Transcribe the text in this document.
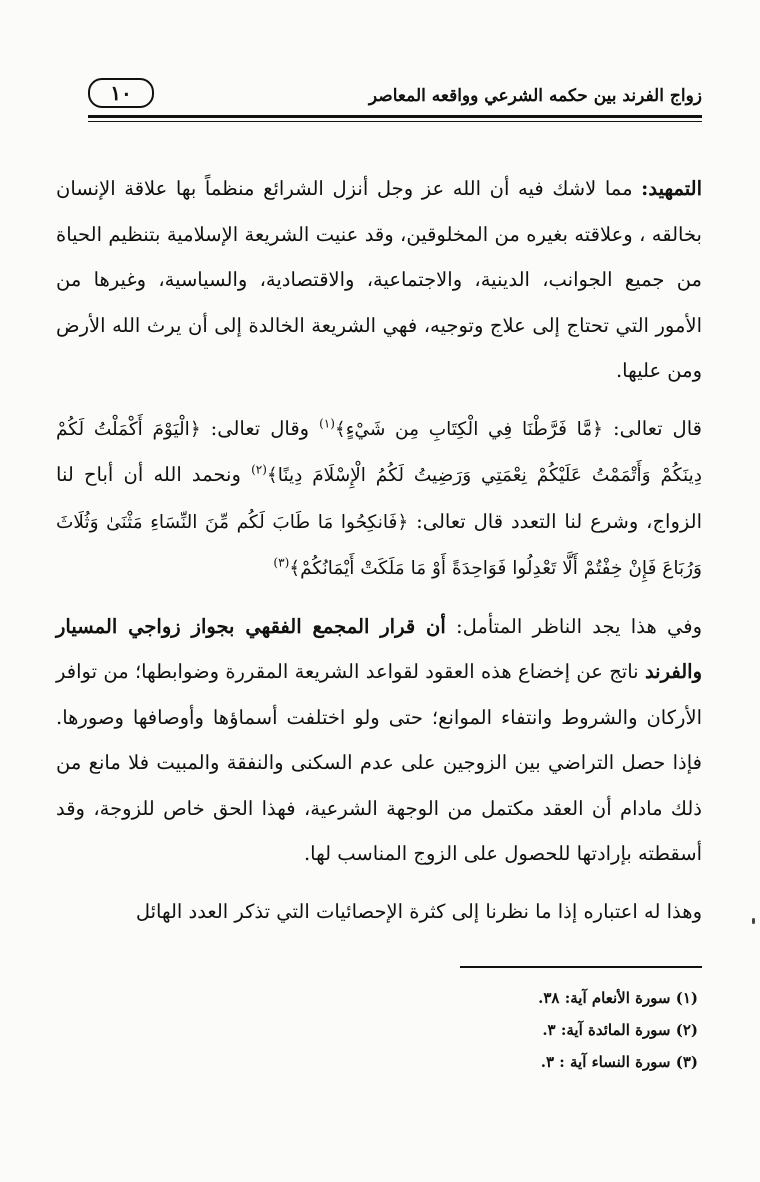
زواج الفرند بين حكمه الشرعي وواقعه المعاصر
١٠

التمهيد: مما لاشك فيه أن الله عز وجل أنزل الشرائع منظماً بها علاقة الإنسان بخالقه ، وعلاقته بغيره من المخلوقين، وقد عنيت الشريعة الإسلامية بتنظيم الحياة من جميع الجوانب، الدينية، والاجتماعية، والاقتصادية، والسياسية، وغيرها من الأمور التي تحتاج إلى علاج وتوجيه، فهي الشريعة الخالدة إلى أن يرث الله الأرض ومن عليها.

قال تعالى: ﴿مَّا فَرَّطْنَا فِي الْكِتَابِ مِن شَيْءٍ﴾$^{(١)}$ وقال تعالى: ﴿الْيَوْمَ أَكْمَلْتُ لَكُمْ دِينَكُمْ وَأَتْمَمْتُ عَلَيْكُمْ نِعْمَتِي وَرَضِيتُ لَكُمُ الْإِسْلَامَ دِينًا﴾$^{(٢)}$ ونحمد الله أن أباح لنا الزواج، وشرع لنا التعدد قال تعالى: ﴿فَانكِحُوا مَا طَابَ لَكُم مِّنَ النِّسَاءِ مَثْنَىٰ وَثُلَاثَ وَرُبَاعَ فَإِنْ خِفْتُمْ أَلَّا تَعْدِلُوا فَوَاحِدَةً أَوْ مَا مَلَكَتْ أَيْمَانُكُمْ﴾$^{(٣)}$

وفي هذا يجد الناظر المتأمل: أن قرار المجمع الفقهي بجواز زواجي المسيار والفرند ناتج عن إخضاع هذه العقود لقواعد الشريعة المقررة وضوابطها؛ من توافر الأركان والشروط وانتفاء الموانع؛ حتى ولو اختلفت أسماؤها وأوصافها وصورها. فإذا حصل التراضي بين الزوجين على عدم السكنى والنفقة والمبيت فلا مانع من ذلك مادام أن العقد مكتمل من الوجهة الشرعية، فهذا الحق خاص للزوجة، وقد أسقطته بإرادتها للحصول على الزوج المناسب لها.

وهذا له اعتباره إذا ما نظرنا إلى كثرة الإحصائيات التي تذكر العدد الهائل

(١) سورة الأنعام آية: ٣٨.
(٢) سورة المائدة آية: ٣.
(٣) سورة النساء آية : ٣.
